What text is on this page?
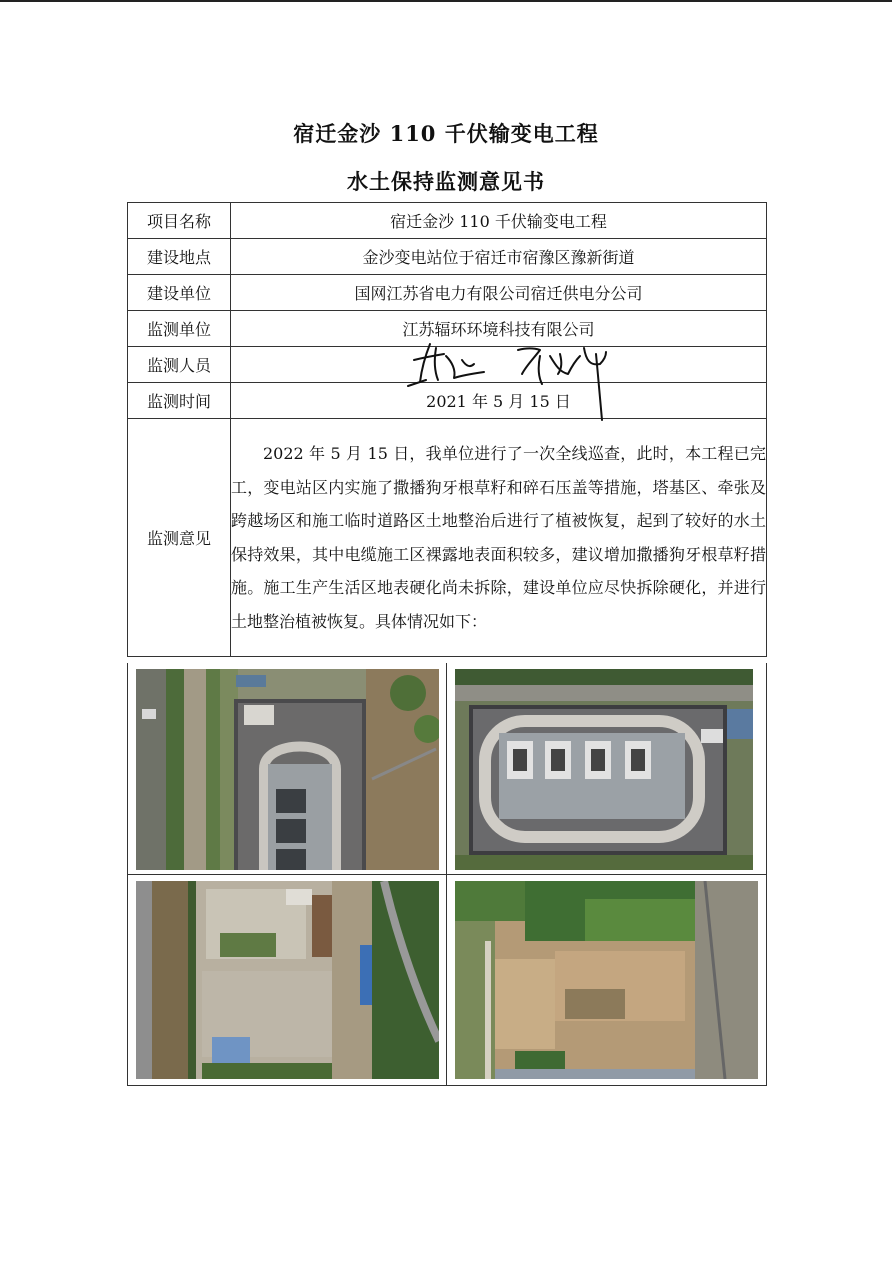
宿迁金沙 110 千伏输变电工程
水土保持监测意见书
项目名称	宿迁金沙 110 千伏输变电工程
建设地点	金沙变电站位于宿迁市宿豫区豫新街道
建设单位	国网江苏省电力有限公司宿迁供电分公司
监测单位	江苏辐环环境科技有限公司
监测人员	
监测时间	2021 年 5 月 15 日
监测意见	2022 年 5 月 15 日，我单位进行了一次全线巡查，此时，本工程已完工，变电站区内实施了撒播狗牙根草籽和碎石压盖等措施，塔基区、牵张及跨越场区和施工临时道路区土地整治后进行了植被恢复，起到了较好的水土保持效果，其中电缆施工区裸露地表面积较多，建议增加撒播狗牙根草籽措施。施工生产生活区地表硬化尚未拆除，建设单位应尽快拆除硬化，并进行土地整治植被恢复。具体情况如下：
